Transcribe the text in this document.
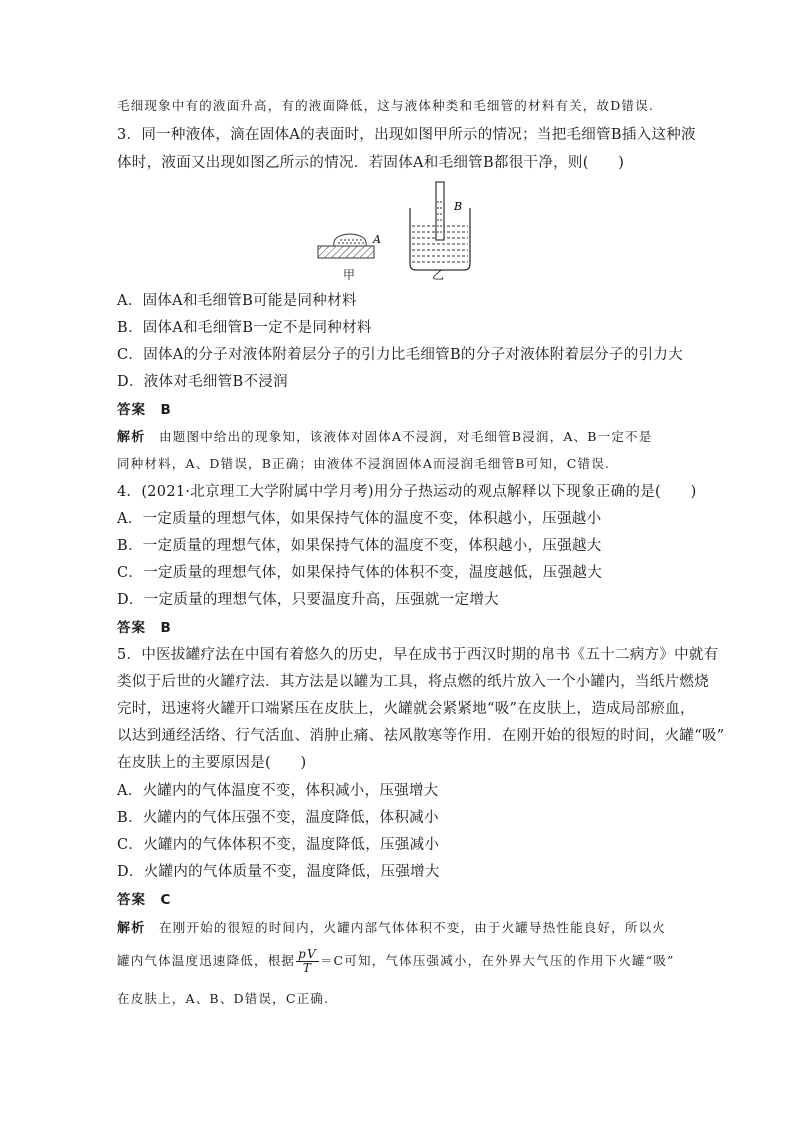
毛细现象中有的液面升高，有的液面降低，这与液体种类和毛细管的材料有关，故D错误.
3．同一种液体，滴在固体A的表面时，出现如图甲所示的情况；当把毛细管B插入这种液
体时，液面又出现如图乙所示的情况．若固体A和毛细管B都很干净，则(　　)
A
B
甲	乙
A．固体A和毛细管B可能是同种材料
B．固体A和毛细管B一定不是同种材料
C．固体A的分子对液体附着层分子的引力比毛细管B的分子对液体附着层分子的引力大
D．液体对毛细管B不浸润
答案　 B
解析　 由题图中给出的现象知，该液体对固体A不浸润，对毛细管B浸润，A、B一定不是
同种材料，A、D错误，B正确；由液体不浸润固体A而浸润毛细管B可知，C错误.
4．(2021·北京理工大学附属中学月考)用分子热运动的观点解释以下现象正确的是(　　)
A．一定质量的理想气体，如果保持气体的温度不变，体积越小，压强越小
B．一定质量的理想气体，如果保持气体的温度不变，体积越小，压强越大
C．一定质量的理想气体，如果保持气体的体积不变，温度越低，压强越大
D．一定质量的理想气体，只要温度升高，压强就一定增大
答案　 B
5．中医拔罐疗法在中国有着悠久的历史，早在成书于西汉时期的帛书《五十二病方》中就有
类似于后世的火罐疗法．其方法是以罐为工具，将点燃的纸片放入一个小罐内，当纸片燃烧
完时，迅速将火罐开口端紧压在皮肤上，火罐就会紧紧地“吸”在皮肤上，造成局部瘀血，
以达到通经活络、行气活血、消肿止痛、祛风散寒等作用．在刚开始的很短的时间，火罐“吸”
在皮肤上的主要原因是(　　)
A．火罐内的气体温度不变，体积减小，压强增大
B．火罐内的气体压强不变，温度降低，体积减小
C．火罐内的气体体积不变，温度降低，压强减小
D．火罐内的气体质量不变，温度降低，压强增大
答案　 C
解析　 在刚开始的很短的时间内，火罐内部气体体积不变，由于火罐导热性能良好，所以火
罐内气体温度迅速降低，根据 $\frac{pV}{T} =C$可知，气体压强减小，在外界大气压的作用下火罐“吸”
在皮肤上，A、B、D错误，C正确.
